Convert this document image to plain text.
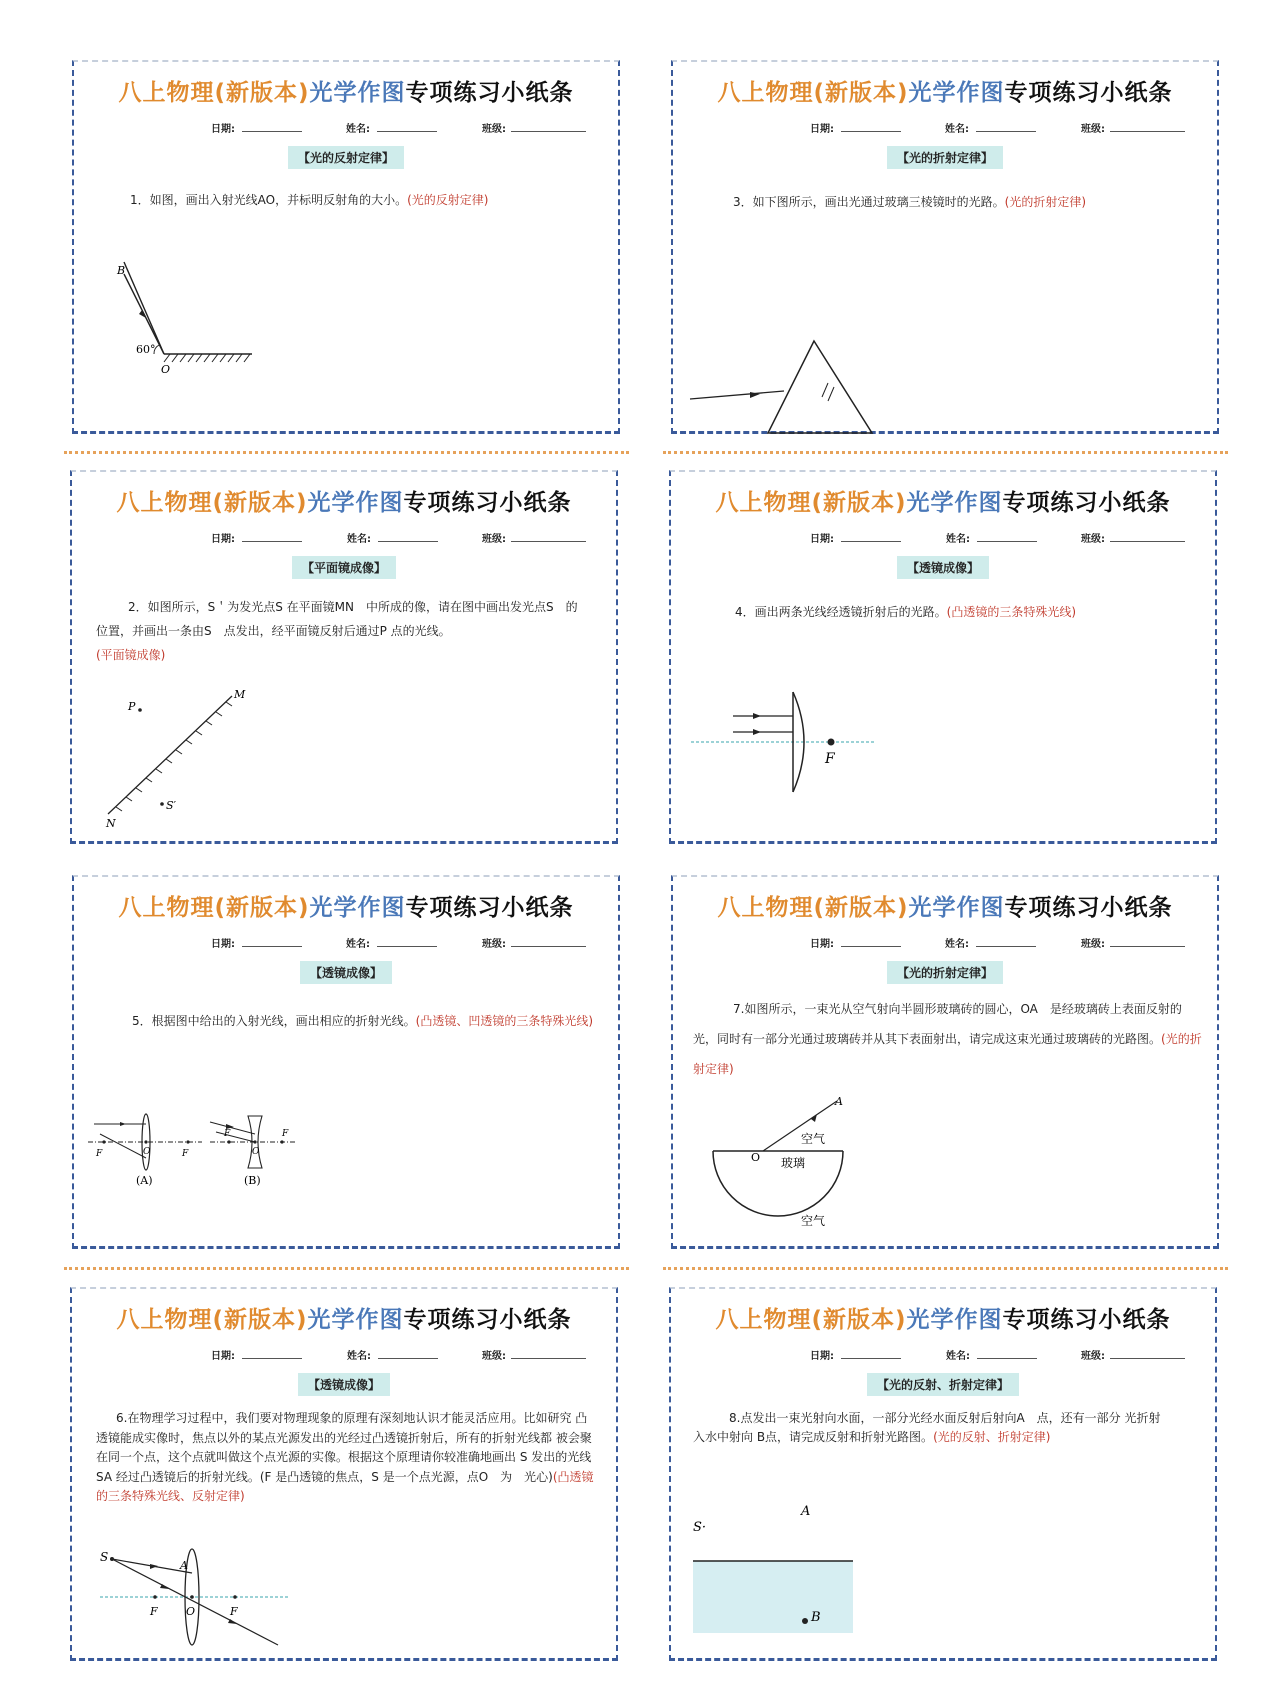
八上物理(新版本)光学作图专项练习小纸条
日期:	姓名:	班级:
【光的反射定律】
1．如图，画出入射光线AO，并标明反射角的大小。(光的反射定律)
B
60°
O
八上物理(新版本)光学作图专项练习小纸条
日期:	姓名:	班级:
【光的折射定律】
3．如下图所示，画出光通过玻璃三棱镜时的光路。(光的折射定律)
八上物理(新版本)光学作图专项练习小纸条
日期:	姓名:	班级:
【平面镜成像】
2．如图所示，S＇为发光点S 在平面镜MN　中所成的像，请在图中画出发光点S　的位置，并画出一条由S　点发出，经平面镜反射后通过P 点的光线。
(平面镜成像)
P
M
N
S′
八上物理(新版本)光学作图专项练习小纸条
日期:	姓名:	班级:
【透镜成像】
4．画出两条光线经透镜折射后的光路。(凸透镜的三条特殊光线)
F
八上物理(新版本)光学作图专项练习小纸条
日期:	姓名:	班级:
【透镜成像】
5．根据图中给出的入射光线，画出相应的折射光线。(凸透镜、凹透镜的三条特殊光线)
F	O	F
(A)
F
O
F
(B)
八上物理(新版本)光学作图专项练习小纸条
日期:	姓名:	班级:
【光的折射定律】
7.如图所示，一束光从空气射向半圆形玻璃砖的圆心，OA　是经玻璃砖上表面反射的光，同时有一部分光通过玻璃砖并从其下表面射出，请完成这束光通过玻璃砖的光路图。(光的折射定律)
A
O
空气
玻璃
空气
八上物理(新版本)光学作图专项练习小纸条
日期:	姓名:	班级:
【透镜成像】
6.在物理学习过程中，我们要对物理现象的原理有深刻地认识才能灵活应用。比如研究 凸透镜能成实像时，焦点以外的某点光源发出的光经过凸透镜折射后，所有的折射光线都 被会聚在同一个点，这个点就叫做这个点光源的实像。根据这个原理请你较准确地画出 S 发出的光线SA 经过凸透镜后的折射光线。(F 是凸透镜的焦点，S 是一个点光源，点O　为　光心)(凸透镜的三条特殊光线、反射定律)
S
A
F	O	F
八上物理(新版本)光学作图专项练习小纸条
日期:	姓名:	班级:
【光的反射、折射定律】
8.点发出一束光射向水面，一部分光经水面反射后射向A　点，还有一部分 光折射入水中射向 B点，请完成反射和折射光路图。(光的反射、折射定律)
S·
A
B
